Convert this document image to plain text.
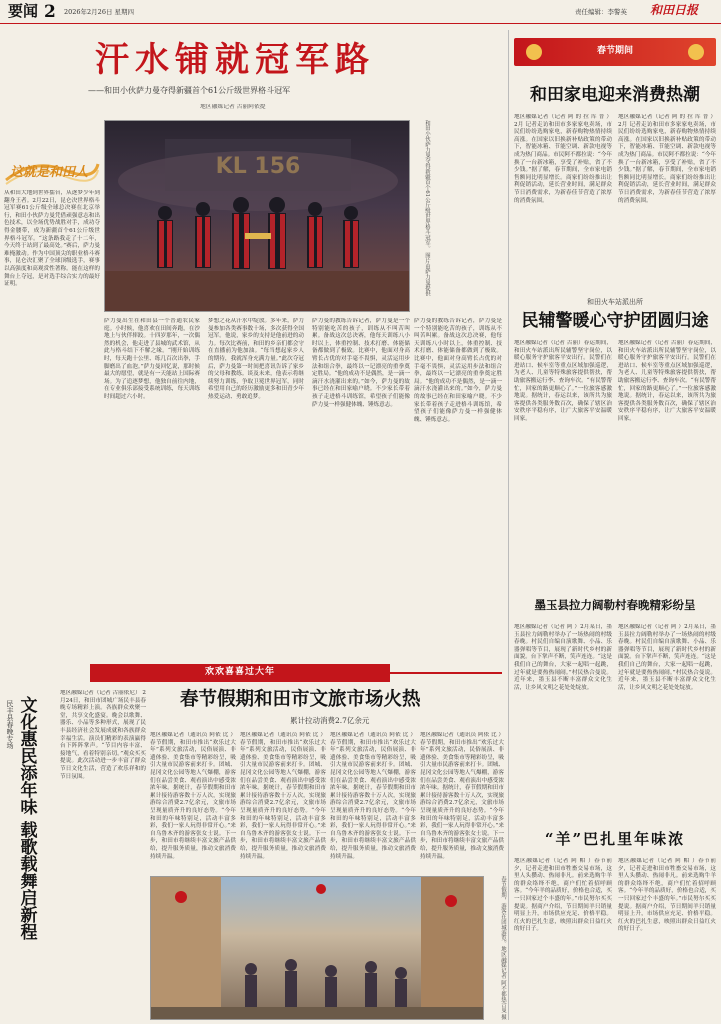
要闻 2 2026年2月26日 星期四	责任编辑：李警英 和田日报
汗水铺就冠军路
——和田小伙萨力曼夺得新疆首个61公斤级世界格斗冠军
地区融媒记者 古丽阿依提
这就是和田人	和田小伙萨力曼夺得新疆首个61公斤级世界格斗冠军。 图片由萨力曼提供
从和田大地到世界擂台，从逐梦少年到翻身王者。2月22日，昆仑决世界格斗冠军赛61公斤级全球总决赛在北京举行，和田小伙萨力曼凭借顽强意志和出色技术，以全场优势战胜对手，成功夺得金腰带，成为新疆首个61公斤级世界格斗冠军。“这条路我走了十二年，今天终于站到了最高处。”赛后，萨力曼难掩激动。作为中国顶尖的职业格斗赛事，昆仑决汇聚了全球顶级选手，赛事以高强度和高观赏性著称。能在这样的舞台上夺冠，是对选手综合实力的最好证明。
萨力曼出生在和田县一个普通农民家庭。小时候，他喜欢在田间奔跑，在沙地上与伙伴摔跤。十四岁那年，一次偶然的机会，他走进了县城的武术馆，从此与格斗结下不解之缘。“刚开始训练时，每天跑十公里、练几百次出拳，手脚磨出了血泡。”萨力曼回忆说，那时候最大的愿望，就是有一天能站上国际赛场。为了追逐梦想，他独自前往内地，在专业俱乐部接受系统训练，每天训练时间超过六小时。
梦想之花从汗水中绽放。多年来，萨力曼参加各类赛事数十场，多次获得全国冠军。他说，家乡的支持是他前进的动力。每次比赛前，和田的乡亲们都会守在直播前为他加油。“每当想起家乡人的期待，我就浑身充满力量。”此次夺冠后，萨力曼第一时间把喜讯告诉了家乡的父母和教练。谈及未来，他表示将继续努力训练，争取卫冕世界冠军，同时希望用自己的经历激励更多和田青少年热爱运动、勇敢追梦。
萨力曼的教练告诉记者，萨力曼是一个特别能吃苦的孩子，训练从不叫苦叫累。备战这次总决赛，他每天训练八小时以上，体重控制、技术打磨、体能储备都做到了极致。比赛中，他面对身高臂长占优的对手毫不畏惧，灵活运用步法和组合拳，最终以一记漂亮的重拳奠定胜局。“他的成功不是偶然，是一滴一滴汗水浇灌出来的。”如今，萨力曼的故事已经在和田家喻户晓。不少家长带着孩子走进格斗训练馆，希望孩子们能像萨力曼一样强健体魄、锤炼意志。
萨力曼的教练告诉记者，萨力曼是一个特别能吃苦的孩子，训练从不叫苦叫累。备战这次总决赛，他每天训练八小时以上，体重控制、技术打磨、体能储备都做到了极致。比赛中，他面对身高臂长占优的对手毫不畏惧，灵活运用步法和组合拳，最终以一记漂亮的重拳奠定胜局。“他的成功不是偶然，是一滴一滴汗水浇灌出来的。”如今，萨力曼的故事已经在和田家喻户晓。不少家长带着孩子走进格斗训练馆，希望孩子们能像萨力曼一样强健体魄、锤炼意志。
春节期间
和田家电迎来消费热潮
地区融媒记者（记者 阿 的 拉 库 普 ）2月 记者走访和田市多家家电卖场，市民们纷纷选购家电，新春购物热情持续高涨。在国家以旧换新补贴政策的带动下，智能冰箱、节能空调、新款电视等成为热门商品。市民阿不都拉说：“今年换了一台新冰箱，享受了补贴，省了不少钱。”据了解，春节期间，全市家电销售额同比明显增长。商家们纷纷推出让利促销活动，延长营业时间，满足群众节日消费需求，为新春佳节营造了浓厚的消费氛围。
地区融媒记者（记者 阿 的 拉 库 普 ）2月 记者走访和田市多家家电卖场，市民们纷纷选购家电，新春购物热情持续高涨。在国家以旧换新补贴政策的带动下，智能冰箱、节能空调、新款电视等成为热门商品。市民阿不都拉说：“今年换了一台新冰箱，享受了补贴，省了不少钱。”据了解，春节期间，全市家电销售额同比明显增长。商家们纷纷推出让利促销活动，延长营业时间，满足群众节日消费需求，为新春佳节营造了浓厚的消费氛围。
和田火车站派出所
民辅警暖心守护团圆归途
地区融媒记者（记者 古丽）春运期间，和田火车站派出所民辅警坚守岗位，以暖心服务守护旅客平安出行。民警们在进站口、候车室等重点区域加强巡逻，为老人、儿童等特殊旅客提供帮扶，帮助旅客搬运行李、查询车次。“有民警帮忙，回家的路更顺心了。”一位旅客感激地说。据统计，春运以来，该所共为旅客提供各类服务数百次，确保了辖区治安秩序平稳有序，让广大旅客平安温暖回家。
地区融媒记者（记者 古丽）春运期间，和田火车站派出所民辅警坚守岗位，以暖心服务守护旅客平安出行。民警们在进站口、候车室等重点区域加强巡逻，为老人、儿童等特殊旅客提供帮扶，帮助旅客搬运行李、查询车次。“有民警帮忙，回家的路更顺心了。”一位旅客感激地说。据统计，春运以来，该所共为旅客提供各类服务数百次，确保了辖区治安秩序平稳有序，让广大旅客平安温暖回家。
墨玉县拉力阔勒村春晚精彩纷呈
地区融媒记者（记者 阿 ）2月某日，墨玉县拉力阔勒村举办了一场热闹的村级春晚。村民们自编自演歌舞、小品、乐器弹唱等节目，展现了新时代乡村的新面貌。台下掌声不断，笑声连连。“这是我们自己的舞台，大家一起唱一起跳，过年就是要热热闹闹。”村民热合曼说。近年来，墨玉县不断丰富群众文化生活，让乡风文明之花处处绽放。
地区融媒记者（记者 阿 ）2月某日，墨玉县拉力阔勒村举办了一场热闹的村级春晚。村民们自编自演歌舞、小品、乐器弹唱等节目，展现了新时代乡村的新面貌。台下掌声不断，笑声连连。“这是我们自己的舞台，大家一起唱一起跳，过年就是要热热闹闹。”村民热合曼说。近年来，墨玉县不断丰富群众文化生活，让乡风文明之花处处绽放。
“羊”巴扎里年味浓
地区融媒记者（记者 阿 帕 ）春节前夕，记者走进和田市牲畜交易市场，这里人头攒动、热闹非凡。前来选购牛羊的群众络绎不绝，商户们忙着招呼顾客。“今年羊的品质好，价格也合适，买一只回家过个丰盛的年。”市民努尔买买提说。据商户介绍，节日期间羊只销量明显上升，市场供应充足、价格平稳。红火的巴扎生意，映照出群众日益红火的好日子。
地区融媒记者（记者 阿 帕 ）春节前夕，记者走进和田市牲畜交易市场，这里人头攒动、热闹非凡。前来选购牛羊的群众络绎不绝，商户们忙着招呼顾客。“今年羊的品质好，价格也合适，买一只回家过个丰盛的年。”市民努尔买买提说。据商户介绍，节日期间羊只销量明显上升，市场供应充足、价格平稳。红火的巴扎生意，映照出群众日益红火的好日子。
欢欢喜喜过大年
春节假期和田市文旅市场火热
累计拉动消费2.7亿余元
地区融媒记者（通讯员 阿依 比 ）春节假期，和田市推出“欢乐过大年”系列文旅活动，民俗展演、非遗体验、美食集市等精彩纷呈，吸引大量市民游客前来打卡。团城、昆冈文化公园等地人气爆棚，游客们在品尝美食、观看演出中感受浓浓年味。据统计，春节假期和田市累计接待游客数十万人次，实现旅游综合消费2.7亿余元，文旅市场呈现量质齐升的良好态势。“今年和田的年味特别足，活动丰富多彩，我们一家人玩得非常开心。”来自乌鲁木齐的游客张女士说。下一步，和田市将继续丰富文旅产品供给，提升服务质量，推动文旅消费持续升温。
地区融媒记者（通讯员 阿依 比 ）春节假期，和田市推出“欢乐过大年”系列文旅活动，民俗展演、非遗体验、美食集市等精彩纷呈，吸引大量市民游客前来打卡。团城、昆冈文化公园等地人气爆棚，游客们在品尝美食、观看演出中感受浓浓年味。据统计，春节假期和田市累计接待游客数十万人次，实现旅游综合消费2.7亿余元，文旅市场呈现量质齐升的良好态势。“今年和田的年味特别足，活动丰富多彩，我们一家人玩得非常开心。”来自乌鲁木齐的游客张女士说。下一步，和田市将继续丰富文旅产品供给，提升服务质量，推动文旅消费持续升温。
地区融媒记者（通讯员 阿依 比 ）春节假期，和田市推出“欢乐过大年”系列文旅活动，民俗展演、非遗体验、美食集市等精彩纷呈，吸引大量市民游客前来打卡。团城、昆冈文化公园等地人气爆棚，游客们在品尝美食、观看演出中感受浓浓年味。据统计，春节假期和田市累计接待游客数十万人次，实现旅游综合消费2.7亿余元，文旅市场呈现量质齐升的良好态势。“今年和田的年味特别足，活动丰富多彩，我们一家人玩得非常开心。”来自乌鲁木齐的游客张女士说。下一步，和田市将继续丰富文旅产品供给，提升服务质量，推动文旅消费持续升温。
地区融媒记者（通讯员 阿依 比 ）春节假期，和田市推出“欢乐过大年”系列文旅活动，民俗展演、非遗体验、美食集市等精彩纷呈，吸引大量市民游客前来打卡。团城、昆冈文化公园等地人气爆棚，游客们在品尝美食、观看演出中感受浓浓年味。据统计，春节假期和田市累计接待游客数十万人次，实现旅游综合消费2.7亿余元，文旅市场呈现量质齐升的良好态势。“今年和田的年味特别足，活动丰富多彩，我们一家人玩得非常开心。”来自乌鲁木齐的游客张女士说。下一步，和田市将继续丰富文旅产品供给，提升服务质量，推动文旅消费持续升温。
春节假期，游客在团城游览。地区融媒记者 阿不都热合曼 摄
民丰县春晚专场 文化惠民添年味 载歌载舞启新程
地区融媒记者（记者 古丽依尼） 2月24日，和田市团城广场民丰县春晚专场精彩上演。各族群众欢聚一堂，共享文化盛宴。晚会以歌舞、器乐、小品等多种形式，展现了民丰县经济社会发展成就和各族群众幸福生活。演员们精彩的表演赢得台下阵阵掌声。“节目内容丰富、接地气，看着特别亲切。”观众买买提说。此次活动进一步丰富了群众节日文化生活，营造了欢乐祥和的节日氛围。
